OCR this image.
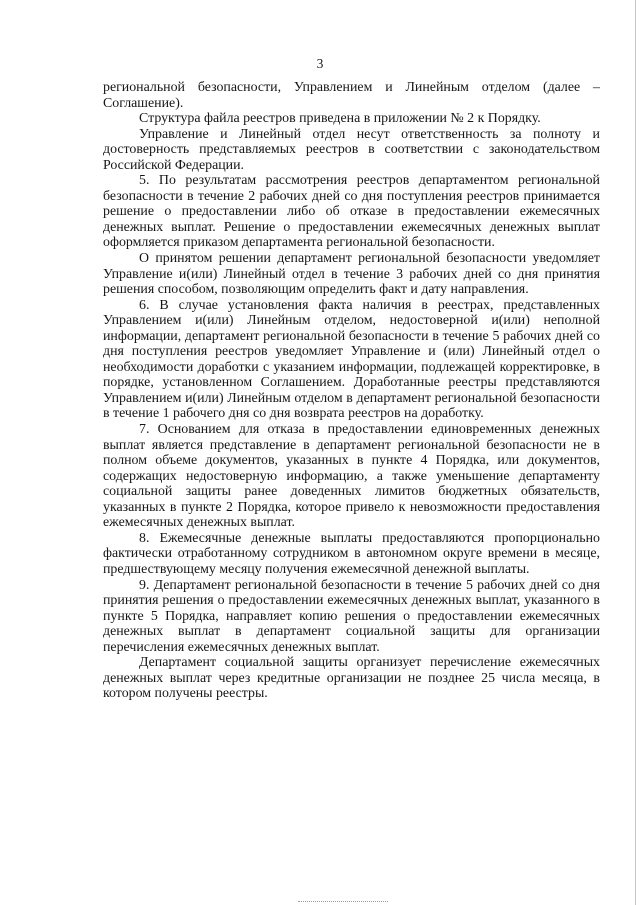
3

региональной безопасности, Управлением и Линейным отделом (далее – Соглашение).

Структура файла реестров приведена в приложении № 2 к Порядку.

Управление и Линейный отдел несут ответственность за полноту и достоверность представляемых реестров в соответствии с законодательством Российской Федерации.

5. По результатам рассмотрения реестров департаментом региональной безопасности в течение 2 рабочих дней со дня поступления реестров принимается решение о предоставлении либо об отказе в предоставлении ежемесячных денежных выплат. Решение о предоставлении ежемесячных денежных выплат оформляется приказом департамента региональной безопасности.

О принятом решении департамент региональной безопасности уведомляет Управление и(или) Линейный отдел в течение 3 рабочих дней со дня принятия решения способом, позволяющим определить факт и дату направления.

6. В случае установления факта наличия в реестрах, представленных Управлением и(или) Линейным отделом, недостоверной и(или) неполной информации, департамент региональной безопасности в течение 5 рабочих дней со дня поступления реестров уведомляет Управление и (или) Линейный отдел о необходимости доработки с указанием информации, подлежащей корректировке, в порядке, установленном Соглашением. Доработанные реестры представляются Управлением и(или) Линейным отделом в департамент региональной безопасности в течение 1 рабочего дня со дня возврата реестров на доработку.

7. Основанием для отказа в предоставлении единовременных денежных выплат является представление в департамент региональной безопасности не в полном объеме документов, указанных в пункте 4 Порядка, или документов, содержащих недостоверную информацию, а также уменьшение департаменту социальной защиты ранее доведенных лимитов бюджетных обязательств, указанных в пункте 2 Порядка, которое привело к невозможности предоставления ежемесячных денежных выплат.

8. Ежемесячные денежные выплаты предоставляются пропорционально фактически отработанному сотрудником в автономном округе времени в месяце, предшествующему месяцу получения ежемесячной денежной выплаты.

9. Департамент региональной безопасности в течение 5 рабочих дней со дня принятия решения о предоставлении ежемесячных денежных выплат, указанного в пункте 5 Порядка, направляет копию решения о предоставлении ежемесячных денежных выплат в департамент социальной защиты для организации перечисления ежемесячных денежных выплат.

Департамент социальной защиты организует перечисление ежемесячных денежных выплат через кредитные организации не позднее 25 числа месяца, в котором получены реестры.
